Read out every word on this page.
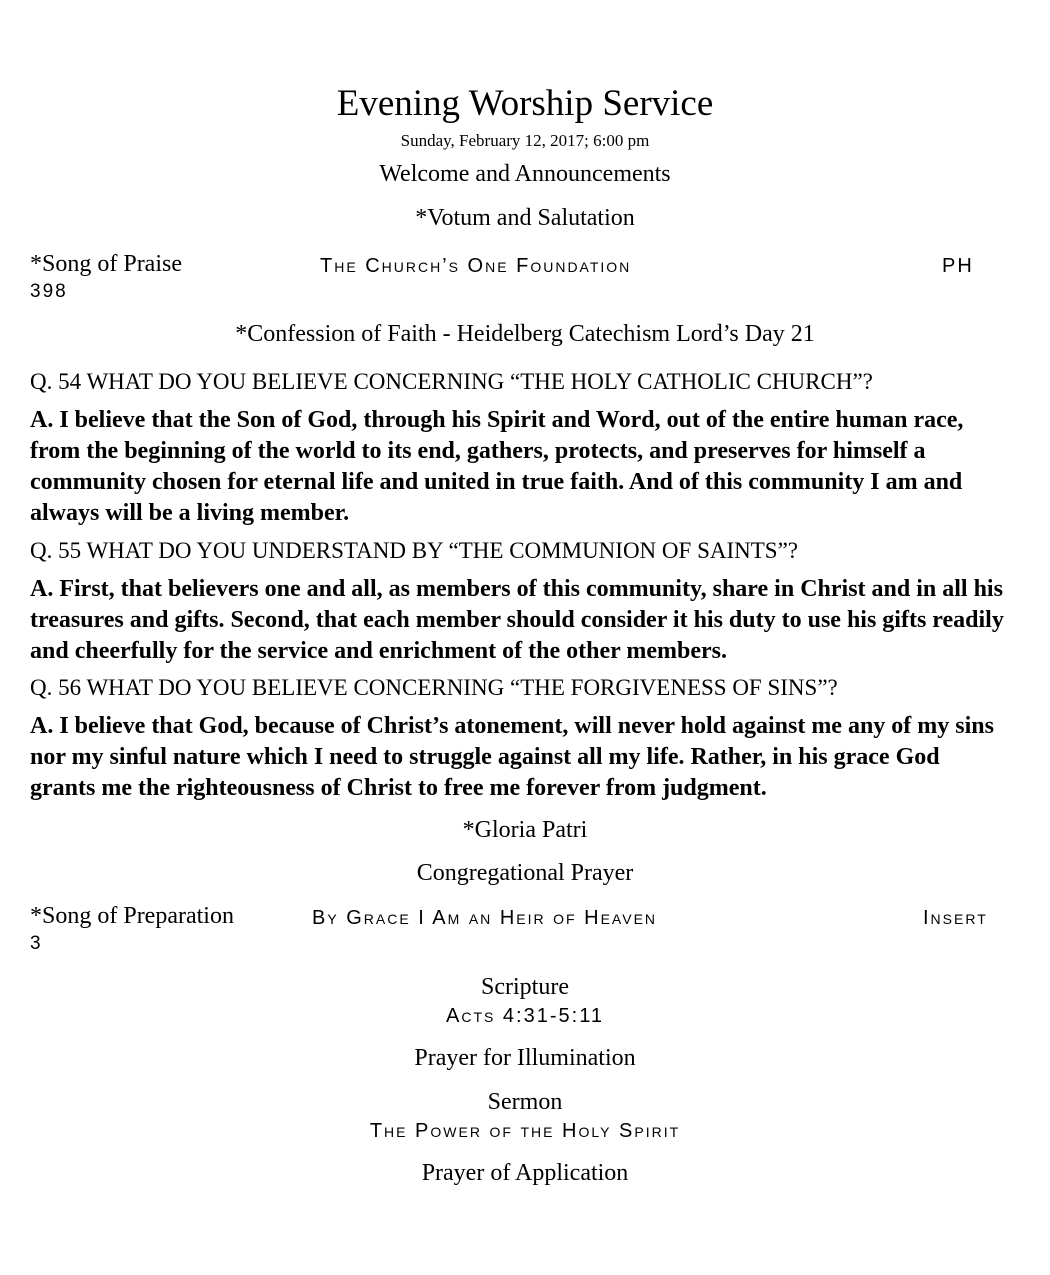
Evening Worship Service
Sunday, February 12, 2017; 6:00 pm
Welcome and Announcements
*Votum and Salutation
*Song of Praise	The Church’s One Foundation	PH
398
*Confession of Faith - Heidelberg Catechism Lord’s Day 21
Q. 54 WHAT DO YOU BELIEVE CONCERNING “THE HOLY CATHOLIC CHURCH”?
A. I believe that the Son of God, through his Spirit and Word, out of the entire human race, from the beginning of the world to its end, gathers, protects, and preserves for himself a community chosen for eternal life and united in true faith. And of this community I am and always will be a living member.
Q. 55 WHAT DO YOU UNDERSTAND BY “THE COMMUNION OF SAINTS”?
A. First, that believers one and all, as members of this community, share in Christ and in all his treasures and gifts. Second, that each member should consider it his duty to use his gifts readily and cheerfully for the service and enrichment of the other members.
Q. 56 WHAT DO YOU BELIEVE CONCERNING “THE FORGIVENESS OF SINS”?
A. I believe that God, because of Christ’s atonement, will never hold against me any of my sins nor my sinful nature which I need to struggle against all my life. Rather, in his grace God grants me the righteousness of Christ to free me forever from judgment.
*Gloria Patri
Congregational Prayer
*Song of Preparation	By Grace I Am an Heir of Heaven	Insert
3
Scripture
Acts 4:31-5:11
Prayer for Illumination
Sermon
The Power of the Holy Spirit
Prayer of Application
